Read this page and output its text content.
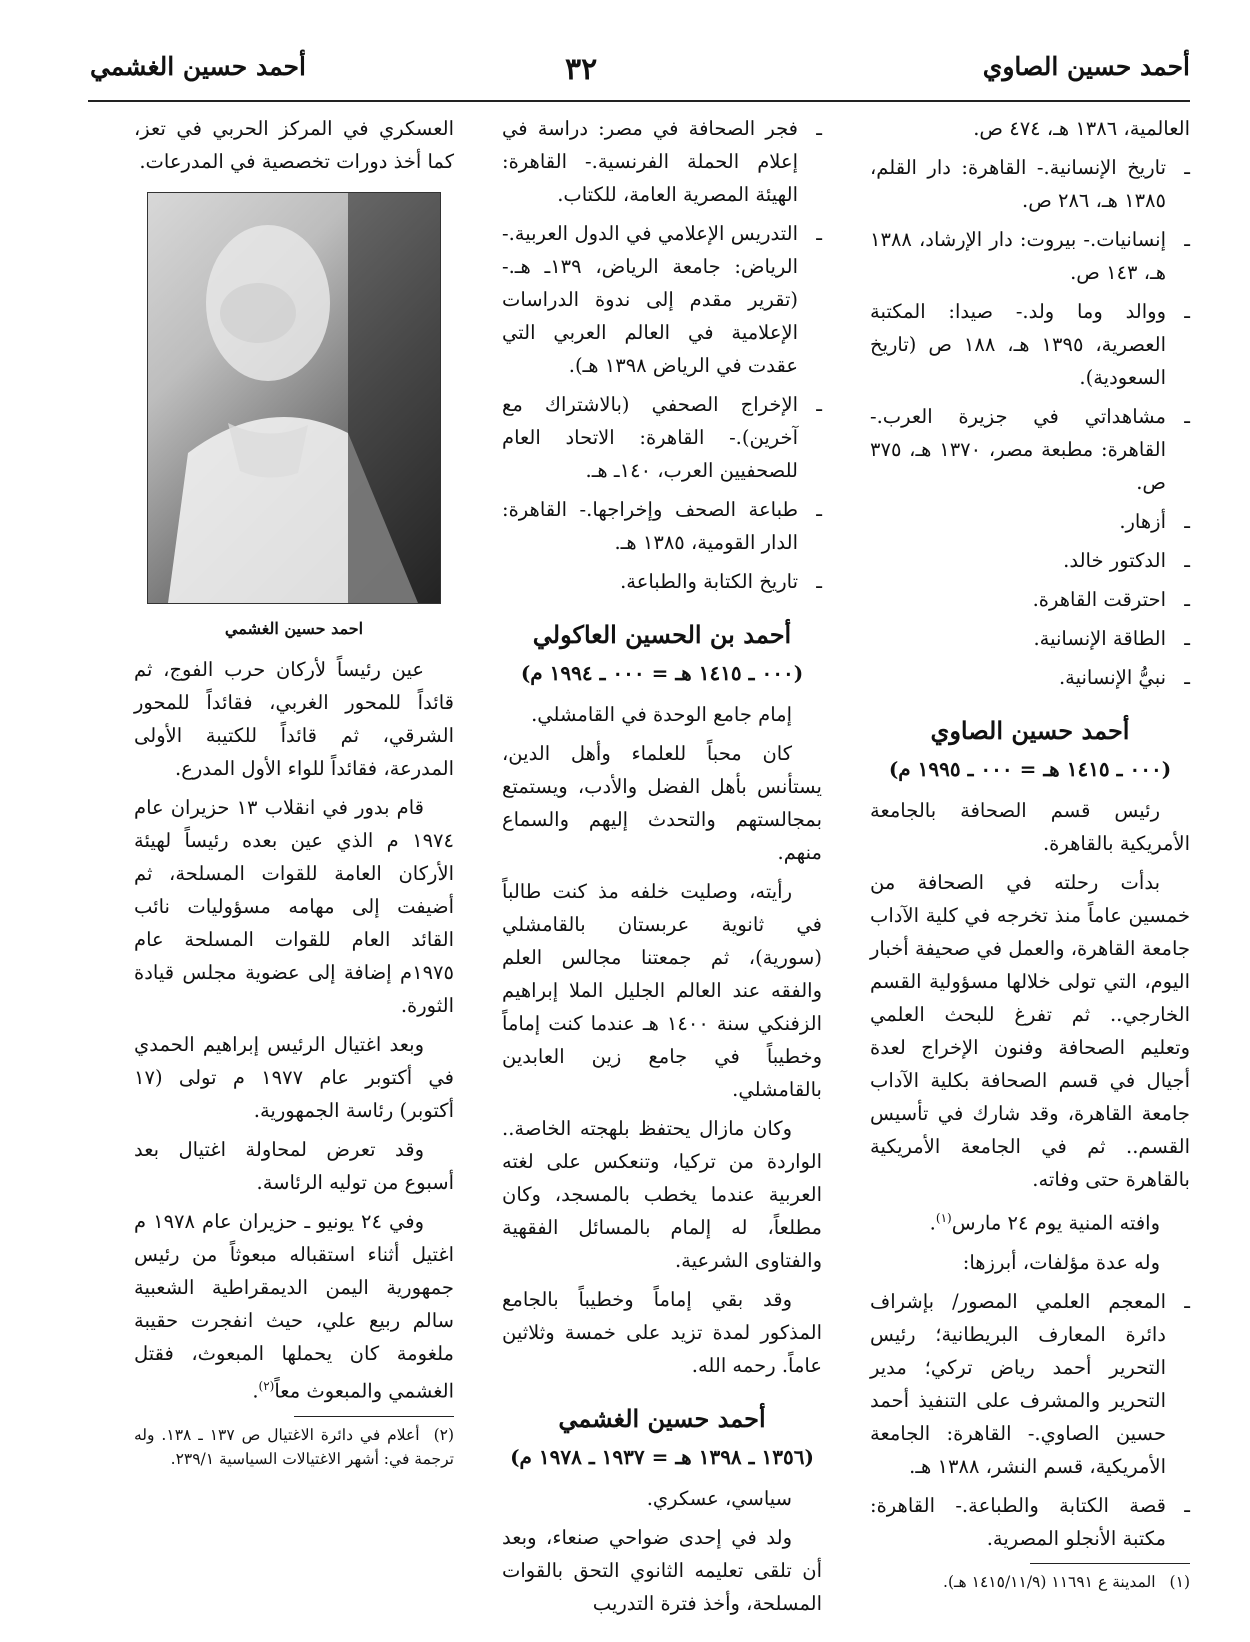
أحمد حسين الصاوي
٣٢
أحمد حسين الغشمي

العالمية، ١٣٨٦ هـ، ٤٧٤ ص.

ـ
تاريخ الإنسانية.- القاهرة: دار القلم، ١٣٨٥ هـ، ٢٨٦ ص.
ـ
إنسانيات.- بيروت: دار الإرشاد، ١٣٨٨ هـ، ١٤٣ ص.
ـ
ووالد وما ولد.- صيدا: المكتبة العصرية، ١٣٩٥ هـ، ١٨٨ ص (تاريخ السعودية).
ـ
مشاهداتي في جزيرة العرب.- القاهرة: مطبعة مصر، ١٣٧٠ هـ، ٣٧٥ ص.
ـ
أزهار.
ـ
الدكتور خالد.
ـ
احترقت القاهرة.
ـ
الطاقة الإنسانية.
ـ
نبيُّ الإنسانية.
أحمد حسين الصاوي
(٠٠٠ ـ ١٤١٥ هـ = ٠٠٠ ـ ١٩٩٥ م)

رئيس قسم الصحافة بالجامعة الأمريكية بالقاهرة.

بدأت رحلته في الصحافة من خمسين عاماً منذ تخرجه في كلية الآداب جامعة القاهرة، والعمل في صحيفة أخبار اليوم، التي تولى خلالها مسؤولية القسم الخارجي.. ثم تفرغ للبحث العلمي وتعليم الصحافة وفنون الإخراج لعدة أجيال في قسم الصحافة بكلية الآداب جامعة القاهرة، وقد شارك في تأسيس القسم.. ثم في الجامعة الأمريكية بالقاهرة حتى وفاته.

وافته المنية يوم ٢٤ مارس$^{(١)}$.

وله عدة مؤلفات، أبرزها:

ـ
المعجم العلمي المصور/ بإشراف دائرة المعارف البريطانية؛ رئيس التحرير أحمد رياض تركي؛ مدير التحرير والمشرف على التنفيذ أحمد حسين الصاوي.- القاهرة: الجامعة الأمريكية، قسم النشر، ١٣٨٨ هـ.
ـ
قصة الكتابة والطباعة.- القاهرة: مكتبة الأنجلو المصرية.
(١)المدينة ع ١١٦٩١ (١٤١٥/١١/٩ هـ).
ـ
فجر الصحافة في مصر: دراسة في إعلام الحملة الفرنسية.- القاهرة: الهيئة المصرية العامة، للكتاب.
ـ
التدريس الإعلامي في الدول العربية.- الرياض: جامعة الرياض، ١٣٩ـ هـ.- (تقرير مقدم إلى ندوة الدراسات الإعلامية في العالم العربي التي عقدت في الرياض ١٣٩٨ هـ).
ـ
الإخراج الصحفي (بالاشتراك مع آخرين).- القاهرة: الاتحاد العام للصحفيين العرب، ١٤٠ـ هـ.
ـ
طباعة الصحف وإخراجها.- القاهرة: الدار القومية، ١٣٨٥ هـ.
ـ
تاريخ الكتابة والطباعة.
أحمد بن الحسين العاكولي
(٠٠٠ ـ ١٤١٥ هـ = ٠٠٠ ـ ١٩٩٤ م)

إمام جامع الوحدة في القامشلي.

كان محباً للعلماء وأهل الدين، يستأنس بأهل الفضل والأدب، ويستمتع بمجالستهم والتحدث إليهم والسماع منهم.

رأيته، وصليت خلفه مذ كنت طالباً في ثانوية عربستان بالقامشلي (سورية)، ثم جمعتنا مجالس العلم والفقه عند العالم الجليل الملا إبراهيم الزفنكي سنة ١٤٠٠ هـ عندما كنت إماماً وخطيباً في جامع زين العابدين بالقامشلي.

وكان مازال يحتفظ بلهجته الخاصة.. الواردة من تركيا، وتنعكس على لغته العربية عندما يخطب بالمسجد، وكان مطلعاً، له إلمام بالمسائل الفقهية والفتاوى الشرعية.

وقد بقي إماماً وخطيباً بالجامع المذكور لمدة تزيد على خمسة وثلاثين عاماً. رحمه الله.

أحمد حسين الغشمي
(١٣٥٦ ـ ١٣٩٨ هـ = ١٩٣٧ ـ ١٩٧٨ م)

سياسي، عسكري.

ولد في إحدى ضواحي صنعاء، وبعد أن تلقى تعليمه الثانوي التحق بالقوات المسلحة، وأخذ فترة التدريب

العسكري في المركز الحربي في تعز، كما أخذ دورات تخصصية في المدرعات.

احمد حسين الغشمي

عين رئيساً لأركان حرب الفوج، ثم قائداً للمحور الغربي، فقائداً للمحور الشرقي، ثم قائداً للكتيبة الأولى المدرعة، فقائداً للواء الأول المدرع.

قام بدور في انقلاب ١٣ حزيران عام ١٩٧٤ م الذي عين بعده رئيساً لهيئة الأركان العامة للقوات المسلحة، ثم أضيفت إلى مهامه مسؤوليات نائب القائد العام للقوات المسلحة عام ١٩٧٥م إضافة إلى عضوية مجلس قيادة الثورة.

وبعد اغتيال الرئيس إبراهيم الحمدي في أكتوبر عام ١٩٧٧ م تولى (١٧ أكتوبر) رئاسة الجمهورية.

وقد تعرض لمحاولة اغتيال بعد أسبوع من توليه الرئاسة.

وفي ٢٤ يونيو ـ حزيران عام ١٩٧٨ م اغتيل أثناء استقباله مبعوثاً من رئيس جمهورية اليمن الديمقراطية الشعبية سالم ربيع علي، حيث انفجرت حقيبة ملغومة كان يحملها المبعوث، فقتل الغشمي والمبعوث معاً$^{(٢)}$.

(٢)أعلام في دائرة الاغتيال ص ١٣٧ ـ ١٣٨. وله ترجمة في: أشهر الاغتيالات السياسية ٢٣٩/١.
